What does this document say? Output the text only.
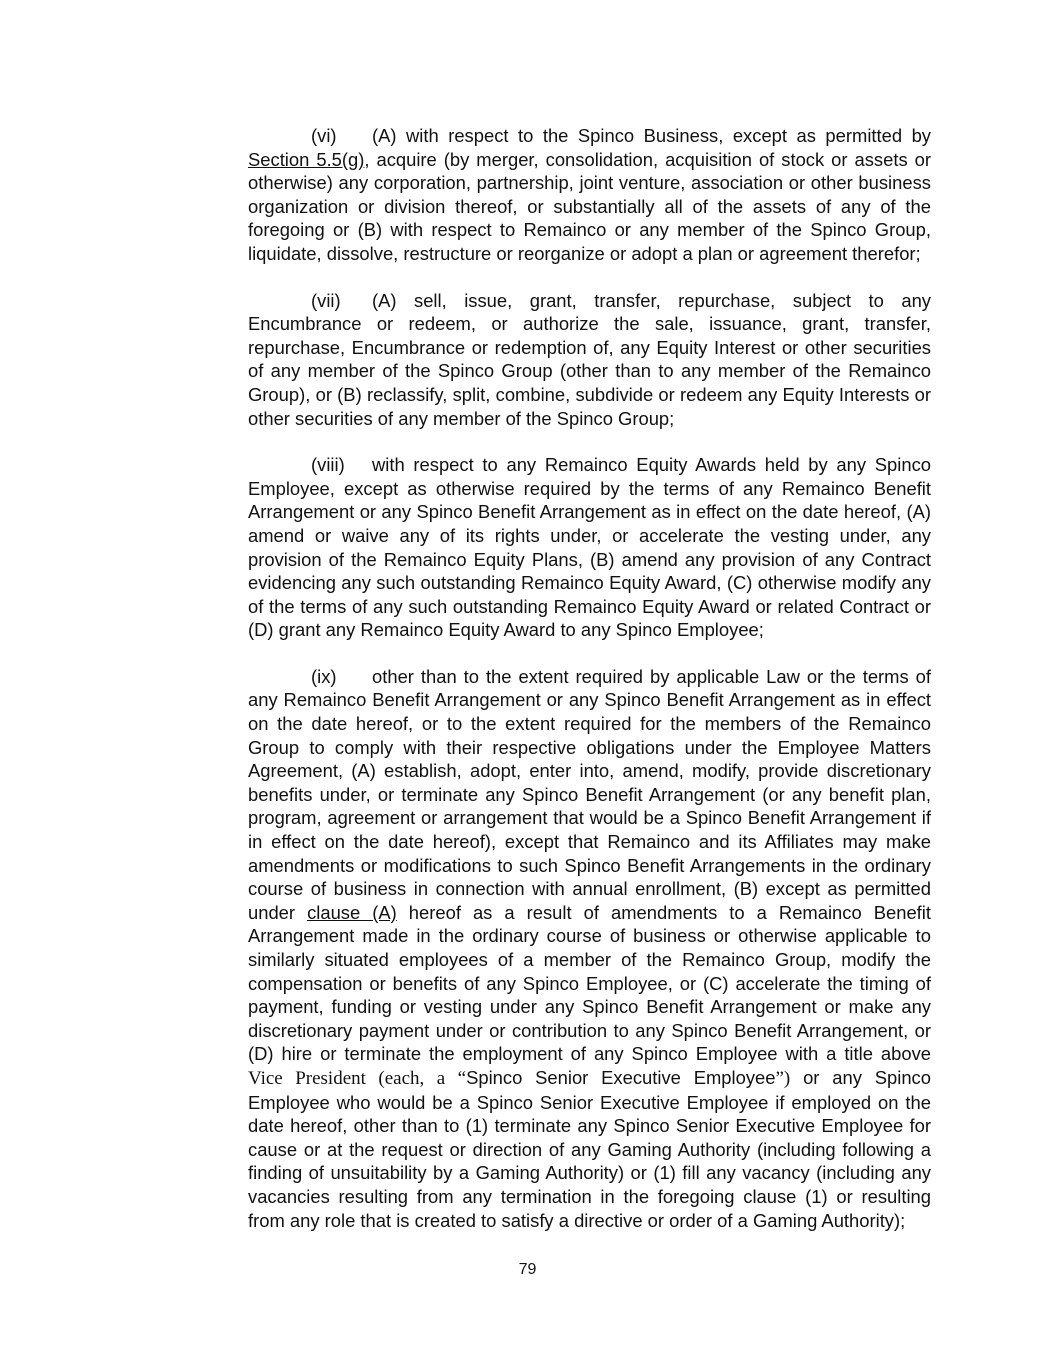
(vi) (A) with respect to the Spinco Business, except as permitted by Section 5.5(g), acquire (by merger, consolidation, acquisition of stock or assets or otherwise) any corporation, partnership, joint venture, association or other business organization or division thereof, or substantially all of the assets of any of the foregoing or (B) with respect to Remainco or any member of the Spinco Group, liquidate, dissolve, restructure or reorganize or adopt a plan or agreement therefor;

(vii) (A) sell, issue, grant, transfer, repurchase, subject to any Encumbrance or redeem, or authorize the sale, issuance, grant, transfer, repurchase, Encumbrance or redemption of, any Equity Interest or other securities of any member of the Spinco Group (other than to any member of the Remainco Group), or (B) reclassify, split, combine, subdivide or redeem any Equity Interests or other securities of any member of the Spinco Group;

(viii) with respect to any Remainco Equity Awards held by any Spinco Employee, except as otherwise required by the terms of any Remainco Benefit Arrangement or any Spinco Benefit Arrangement as in effect on the date hereof, (A) amend or waive any of its rights under, or accelerate the vesting under, any provision of the Remainco Equity Plans, (B) amend any provision of any Contract evidencing any such outstanding Remainco Equity Award, (C) otherwise modify any of the terms of any such outstanding Remainco Equity Award or related Contract or (D) grant any Remainco Equity Award to any Spinco Employee;

(ix) other than to the extent required by applicable Law or the terms of any Remainco Benefit Arrangement or any Spinco Benefit Arrangement as in effect on the date hereof, or to the extent required for the members of the Remainco Group to comply with their respective obligations under the Employee Matters Agreement, (A) establish, adopt, enter into, amend, modify, provide discretionary benefits under, or terminate any Spinco Benefit Arrangement (or any benefit plan, program, agreement or arrangement that would be a Spinco Benefit Arrangement if in effect on the date hereof), except that Remainco and its Affiliates may make amendments or modifications to such Spinco Benefit Arrangements in the ordinary course of business in connection with annual enrollment, (B) except as permitted under clause (A) hereof as a result of amendments to a Remainco Benefit Arrangement made in the ordinary course of business or otherwise applicable to similarly situated employees of a member of the Remainco Group, modify the compensation or benefits of any Spinco Employee, or (C) accelerate the timing of payment, funding or vesting under any Spinco Benefit Arrangement or make any discretionary payment under or contribution to any Spinco Benefit Arrangement, or (D) hire or terminate the employment of any Spinco Employee with a title above Vice President (each, a “Spinco Senior Executive Employee”) or any Spinco Employee who would be a Spinco Senior Executive Employee if employed on the date hereof, other than to (1) terminate any Spinco Senior Executive Employee for cause or at the request or direction of any Gaming Authority (including following a finding of unsuitability by a Gaming Authority) or (1) fill any vacancy (including any vacancies resulting from any termination in the foregoing clause (1) or resulting from any role that is created to satisfy a directive or order of a Gaming Authority);

79
